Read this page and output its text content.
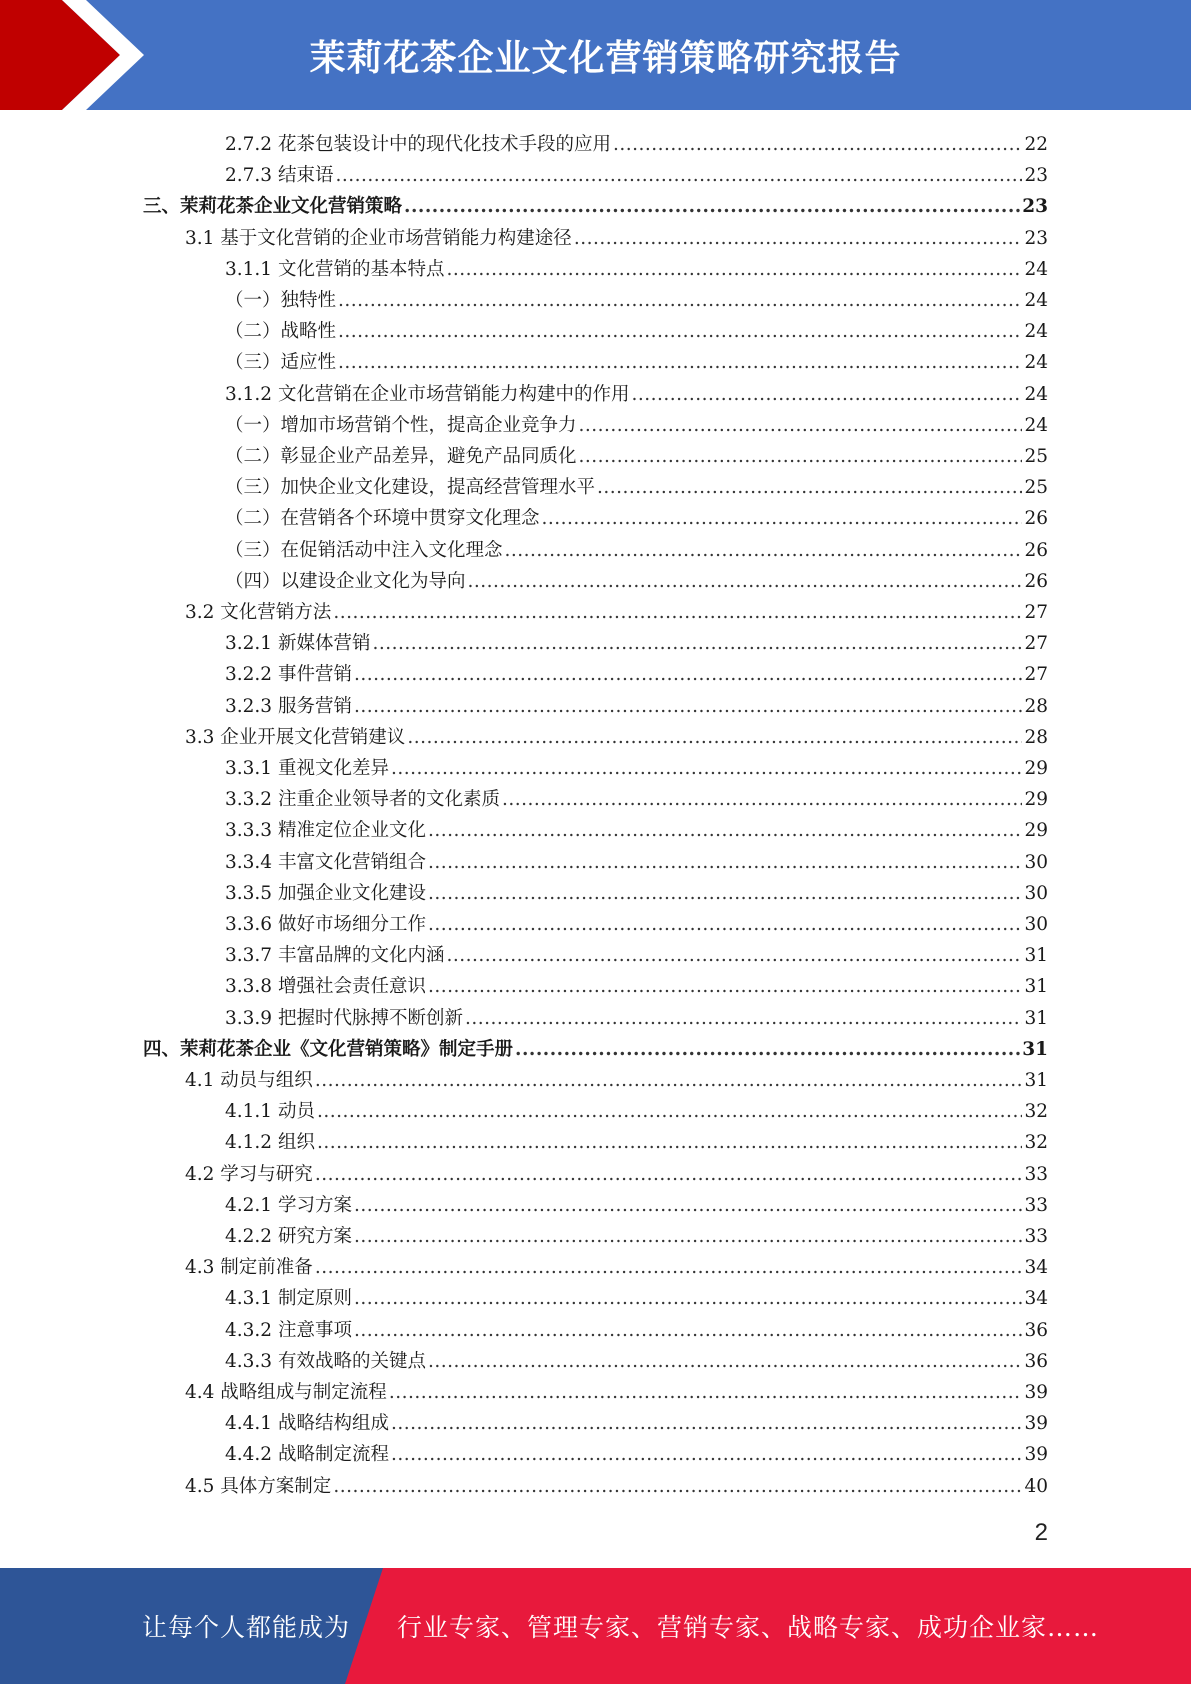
茉莉花茶企业文化营销策略研究报告
2.7.2 花茶包装设计中的现代化技术手段的应用 .....	22
2.7.3 结束语 .....	23
三、茉莉花茶企业文化营销策略 .....	23
3.1 基于文化营销的企业市场营销能力构建途径 .....	23
3.1.1 文化营销的基本特点 .....	24
（一）独特性 .....	24
（二）战略性 .....	24
（三）适应性 .....	24
3.1.2 文化营销在企业市场营销能力构建中的作用 .....	24
（一）增加市场营销个性，提高企业竞争力 .....	24
（二）彰显企业产品差异，避免产品同质化 .....	25
（三）加快企业文化建设，提高经营管理水平 .....	25
（二）在营销各个环境中贯穿文化理念 .....	26
（三）在促销活动中注入文化理念 .....	26
（四）以建设企业文化为导向 .....	26
3.2 文化营销方法 .....	27
3.2.1 新媒体营销 .....	27
3.2.2 事件营销 .....	27
3.2.3 服务营销 .....	28
3.3 企业开展文化营销建议 .....	28
3.3.1 重视文化差异 .....	29
3.3.2 注重企业领导者的文化素质 .....	29
3.3.3 精准定位企业文化 .....	29
3.3.4 丰富文化营销组合 .....	30
3.3.5 加强企业文化建设 .....	30
3.3.6 做好市场细分工作 .....	30
3.3.7 丰富品牌的文化内涵 .....	31
3.3.8 增强社会责任意识 .....	31
3.3.9 把握时代脉搏不断创新 .....	31
四、茉莉花茶企业《文化营销策略》制定手册 .....	31
4.1 动员与组织 .....	31
4.1.1 动员 .....	32
4.1.2 组织 .....	32
4.2 学习与研究 .....	33
4.2.1 学习方案 .....	33
4.2.2 研究方案 .....	33
4.3 制定前准备 .....	34
4.3.1 制定原则 .....	34
4.3.2 注意事项 .....	36
4.3.3 有效战略的关键点 .....	36
4.4 战略组成与制定流程 .....	39
4.4.1 战略结构组成 .....	39
4.4.2 战略制定流程 .....	39
4.5 具体方案制定 .....	40
2
让每个人都能成为 行业专家、管理专家、营销专家、战略专家、成功企业家……
